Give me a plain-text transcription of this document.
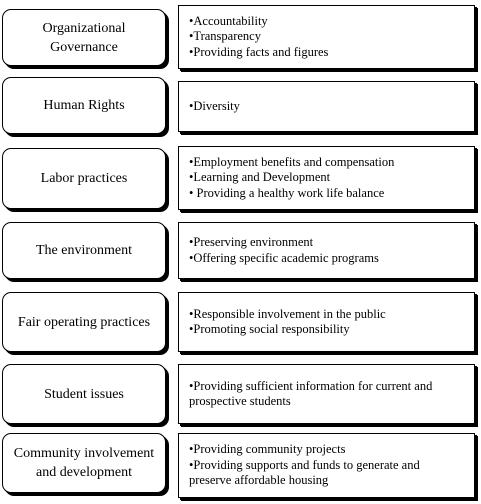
Organizational Governance
•Accountability
•Transparency
•Providing facts and figures
Human Rights	•Diversity
Labor practices
•Employment benefits and compensation
•Learning and Development
• Providing a healthy work life balance
The environment
•Preserving environment
•Offering specific academic programs
Fair operating practices
•Responsible involvement in the public
•Promoting social responsibility
Student issues
•Providing sufficient information for current and prospective students
Community involvement and development
•Providing community projects
•Providing supports and funds to generate and preserve affordable housing
